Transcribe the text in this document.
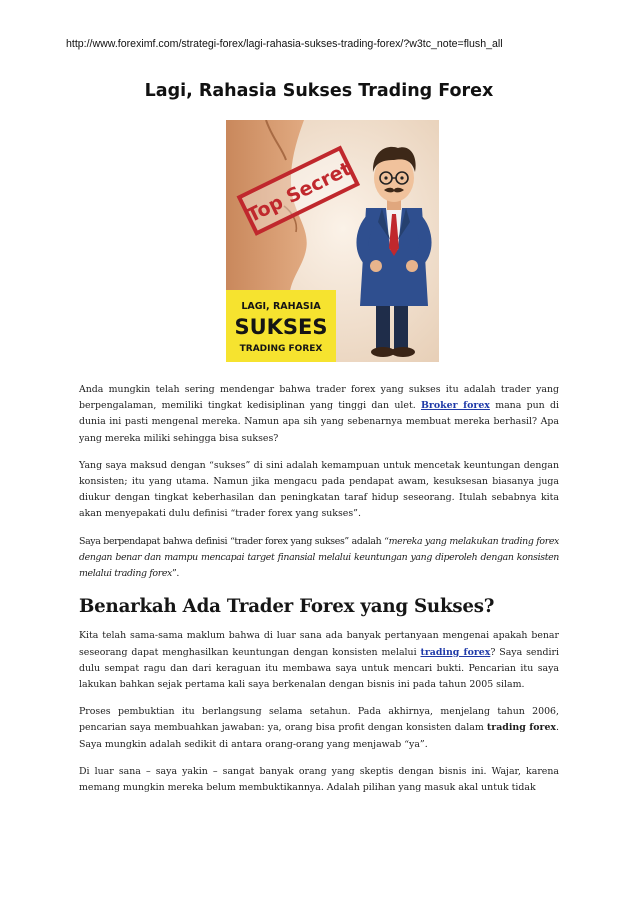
http://www.foreximf.com/strategi-forex/lagi-rahasia-sukses-trading-forex/?w3tc_note=flush_all
Lagi, Rahasia Sukses Trading Forex
Top Secret
LAGI, RAHASIA
SUKSES
TRADING FOREX

Anda mungkin telah sering mendengar bahwa trader forex yang sukses itu adalah trader yang berpengalaman, memiliki tingkat kedisiplinan yang tinggi dan ulet. Broker forex mana pun di dunia ini pasti mengenal mereka. Namun apa sih yang sebenarnya membuat mereka berhasil? Apa yang mereka miliki sehingga bisa sukses?

Yang saya maksud dengan “sukses” di sini adalah kemampuan untuk mencetak keuntungan dengan konsisten; itu yang utama. Namun jika mengacu pada pendapat awam, kesuksesan biasanya juga diukur dengan tingkat keberhasilan dan peningkatan taraf hidup seseorang. Itulah sebabnya kita akan menyepakati dulu definisi “trader forex yang sukses”.

Saya berpendapat bahwa definisi “trader forex yang sukses” adalah “mereka yang melakukan trading forex dengan benar dan mampu mencapai target finansial melalui keuntungan yang diperoleh dengan konsisten melalui trading forex”.

Benarkah Ada Trader Forex yang Sukses?

Kita telah sama-sama maklum bahwa di luar sana ada banyak pertanyaan mengenai apakah benar seseorang dapat menghasilkan keuntungan dengan konsisten melalui trading forex? Saya sendiri dulu sempat ragu dan dari keraguan itu membawa saya untuk mencari bukti. Pencarian itu saya lakukan bahkan sejak pertama kali saya berkenalan dengan bisnis ini pada tahun 2005 silam.

Proses pembuktian itu berlangsung selama setahun. Pada akhirnya, menjelang tahun 2006, pencarian saya membuahkan jawaban: ya, orang bisa profit dengan konsisten dalam trading forex. Saya mungkin adalah sedikit di antara orang-orang yang menjawab “ya”.

Di luar sana – saya yakin – sangat banyak orang yang skeptis dengan bisnis ini. Wajar, karena memang mungkin mereka belum membuktikannya. Adalah pilihan yang masuk akal untuk tidak
